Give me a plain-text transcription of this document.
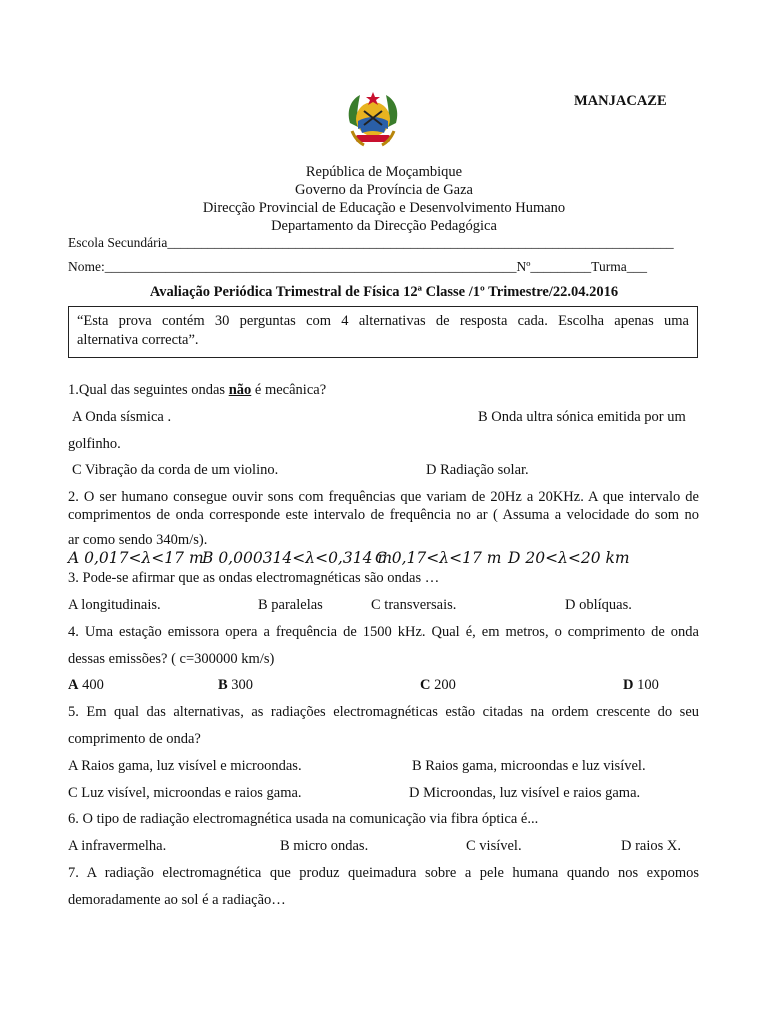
MANJACAZE
República de Moçambique
Governo da Província de Gaza
Direcção Provincial de Educação e Desenvolvimento Humano
Departamento da Direcção Pedagógica
Escola Secundária___________________________________________________________________________
Nome:_____________________________________________________________Nº_________Turma___
Avaliação Periódica Trimestral de Física 12ª Classe /1º Trimestre/22.04.2016

“Esta prova contém 30 perguntas com 4 alternativas de resposta cada. Escolha apenas uma

alternativa correcta”.

1.Qual das seguintes ondas não é mecânica?
A Onda sísmica .	B Onda ultra sónica emitida por um
golfinho.
C Vibração da corda de um violino.	D Radiação solar.
2. O ser humano consegue ouvir sons com frequências que variam de 20Hz a 20KHz. A que intervalo de
comprimentos de onda corresponde este intervalo de frequência no ar ( Assuma a velocidade do som no
ar como sendo 340m/s).
A 0,017<λ<17 m
B 0,000314<λ<0,314 m
C 0,17<λ<17 m D 20<λ<20 km
3. Pode-se afirmar que as ondas electromagnéticas são ondas …
A longitudinais.	B paralelas	C transversais.	D oblíquas.
4. Uma estação emissora opera a frequência de 1500 kHz. Qual é, em metros, o comprimento de onda
dessas emissões? ( c=300000 km/s)
A 400	B 300	C 200	D 100
5. Em qual das alternativas, as radiações electromagnéticas estão citadas na ordem crescente do seu
comprimento de onda?
A Raios gama, luz visível e microondas.	B Raios gama, microondas e luz visível.
C Luz visível, microondas e raios gama.	D Microondas, luz visível e raios gama.
6. O tipo de radiação electromagnética usada na comunicação via fibra óptica é...
A infravermelha.	B micro ondas.	C visível.	D raios X.
7. A radiação electromagnética que produz queimadura sobre a pele humana quando nos expomos
demoradamente ao sol é a radiação…
